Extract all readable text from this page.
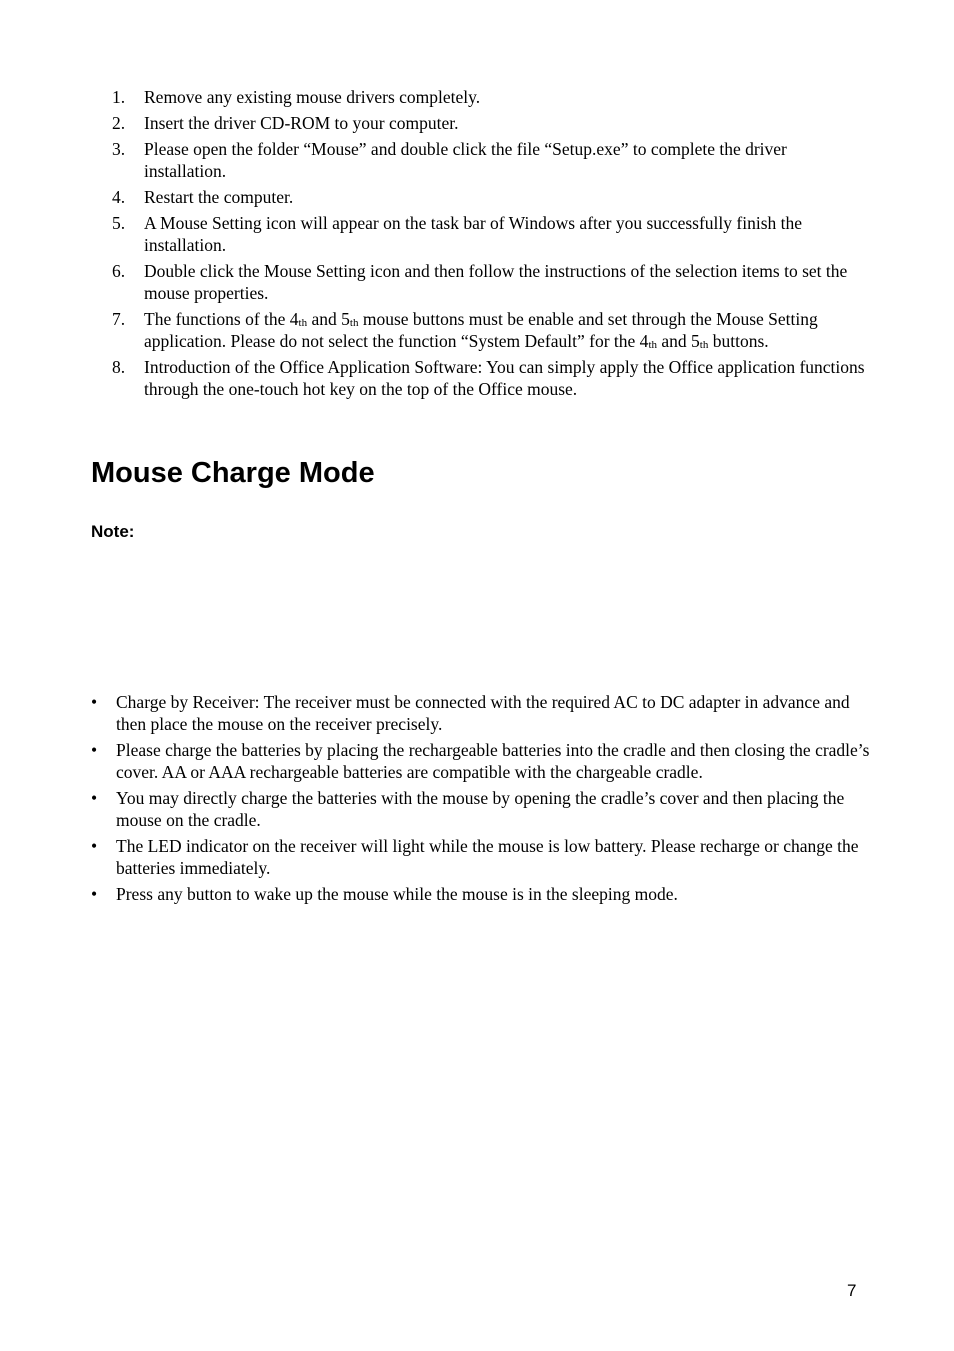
1. Remove any existing mouse drivers completely.
2. Insert the driver CD-ROM to your computer.
3. Please open the folder “Mouse” and double click the file “Setup.exe” to complete the driver installation.
4. Restart the computer.
5. A Mouse Setting icon will appear on the task bar of Windows after you successfully finish the installation.
6. Double click the Mouse Setting icon and then follow the instructions of the selection items to set the mouse properties.
7. The functions of the $4_{th}$ and $5_{th}$ mouse buttons must be enable and set through the Mouse Setting application. Please do not select the function “System Default” for the $4_{th}$ and $5_{th}$ buttons.
8. Introduction of the Office Application Software: You can simply apply the Office application functions through the one-touch hot key on the top of the Office mouse.
Mouse Charge Mode
Note:
• Charge by Receiver: The receiver must be connected with the required AC to DC adapter in advance and then place the mouse on the receiver precisely.
• Please charge the batteries by placing the rechargeable batteries into the cradle and then closing the cradle’s cover. AA or AAA rechargeable batteries are compatible with the chargeable cradle.
• You may directly charge the batteries with the mouse by opening the cradle’s cover and then placing the mouse on the cradle.
• The LED indicator on the receiver will light while the mouse is low battery. Please recharge or change the batteries immediately.
• Press any button to wake up the mouse while the mouse is in the sleeping mode.
7
